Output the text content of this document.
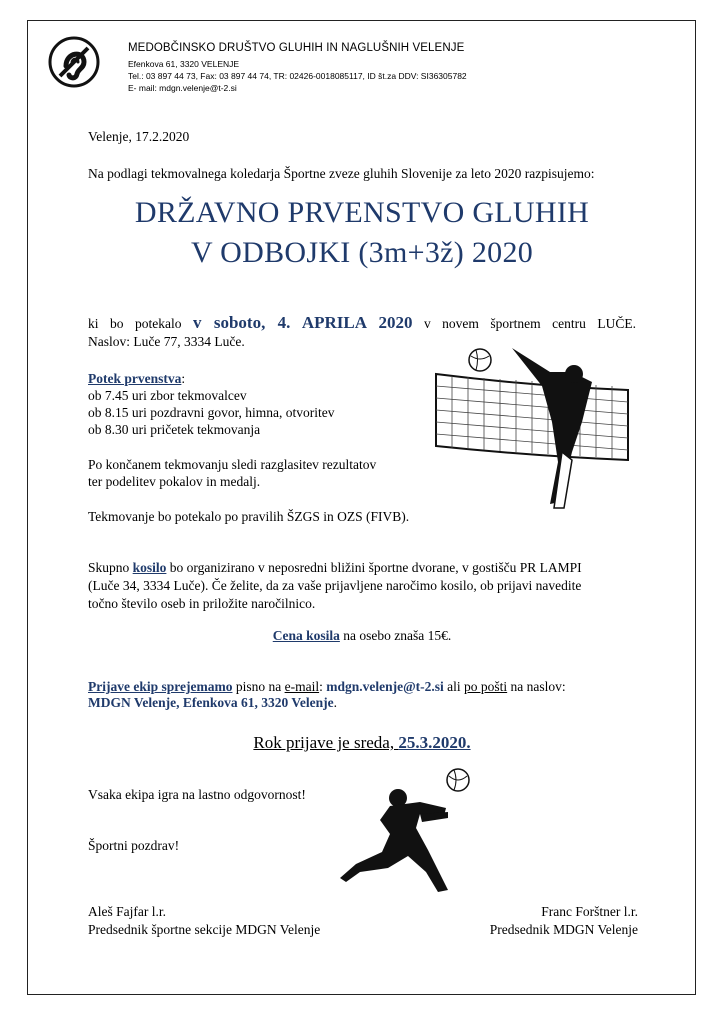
MEDOBČINSKO DRUŠTVO GLUHIH IN NAGLUŠNIH VELENJE
Efenkova 61, 3320 VELENJE
Tel.: 03 897 44 73, Fax: 03 897 44 74, TR: 02426-0018085117, ID št.za DDV: SI36305782
E- mail: mdgn.velenje@t-2.si
Velenje, 17.2.2020
Na podlagi tekmovalnega koledarja Športne zveze gluhih Slovenije za leto 2020 razpisujemo:
DRŽAVNO PRVENSTVO GLUHIH
V ODBOJKI (3m+3ž) 2020
ki bo potekalo v soboto, 4. APRILA 2020 v novem športnem centru LUČE.
Naslov: Luče 77, 3334 Luče.
Potek prvenstva:
ob 7.45 uri zbor tekmovalcev
ob 8.15 uri pozdravni govor, himna, otvoritev
ob 8.30 uri pričetek tekmovanja
Po končanem tekmovanju sledi razglasitev rezultatov
ter podelitev pokalov in medalj.
Tekmovanje bo potekalo po pravilih ŠZGS in OZS (FIVB).
Skupno kosilo bo organizirano v neposredni bližini športne dvorane, v gostišču PR LAMPI
(Luče 34, 3334 Luče). Če želite, da za vaše prijavljene naročimo kosilo, ob prijavi navedite
točno število oseb in priložite naročilnico.
Cena kosila na osebo znaša 15€.
Prijave ekip sprejemamo pisno na e-mail: mdgn.velenje@t-2.si ali po pošti na naslov:
MDGN Velenje, Efenkova 61, 3320 Velenje.
Rok prijave je sreda, 25.3.2020.
Vsaka ekipa igra na lastno odgovornost!
Športni pozdrav!
Aleš Fajfar l.r.
Predsednik športne sekcije MDGN Velenje
Franc Forštner l.r.
Predsednik MDGN Velenje
